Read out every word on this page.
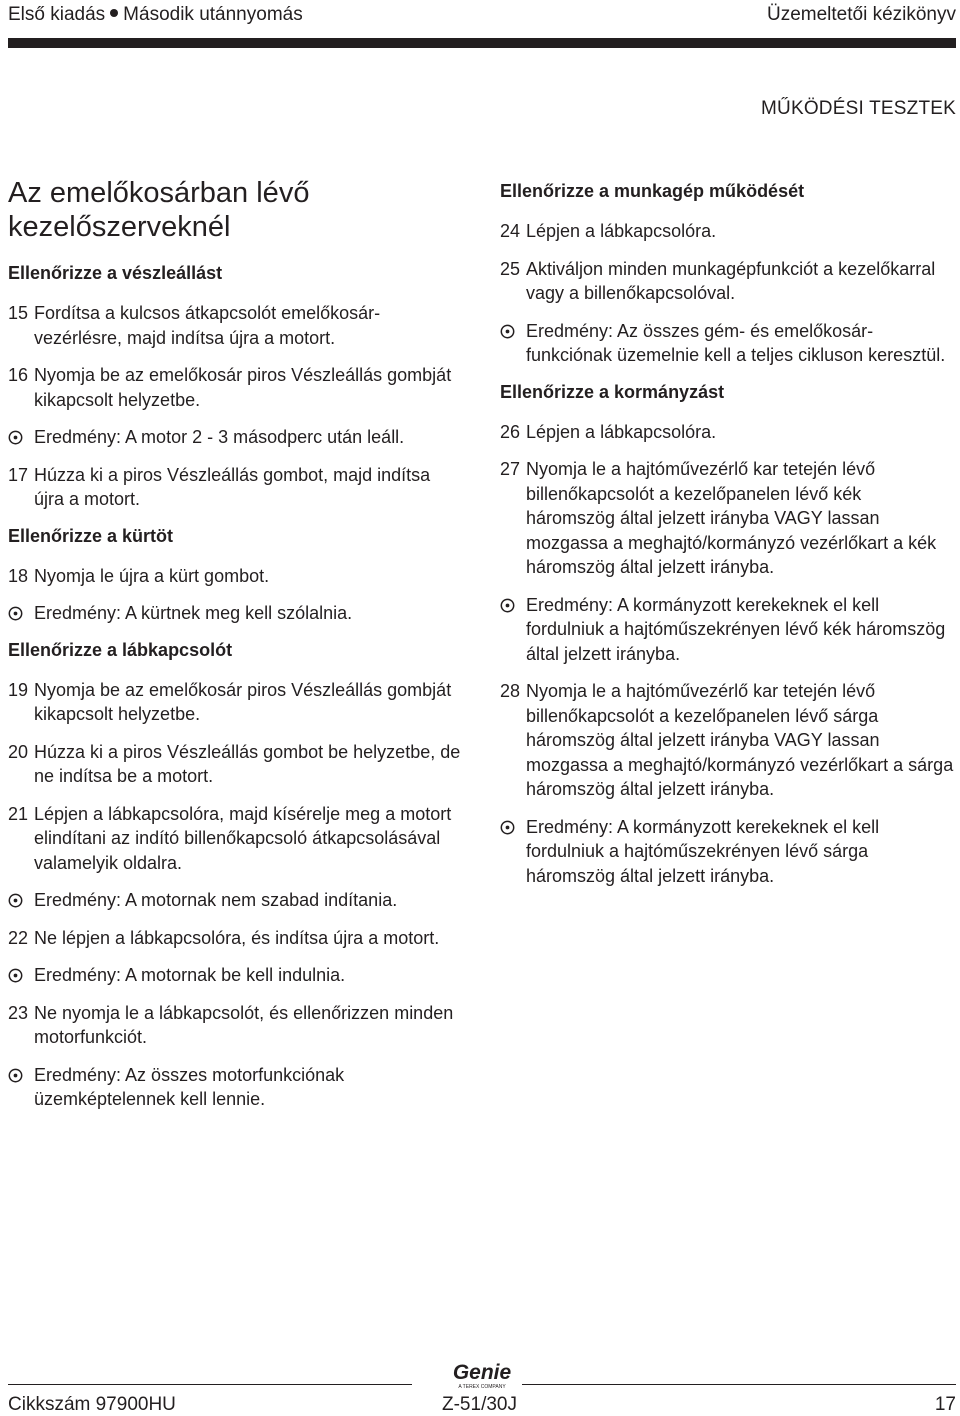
Első kiadás Második utánnyomás	Üzemeltetői kézikönyv
MŰKÖDÉSI TESZTEK
Az emelőkosárban lévő
kezelőszerveknél
Ellenőrizze a vészleállást
15 Fordítsa a kulcsos átkapcsolót emelőkosár-vezérlésre, majd indítsa újra a motort.
16 Nyomja be az emelőkosár piros Vészleállás gombját kikapcsolt helyzetbe.
Eredmény: A motor 2 - 3 másodperc után leáll.
17 Húzza ki a piros Vészleállás gombot, majd indítsa újra a motort.
Ellenőrizze a kürtöt
18 Nyomja le újra a kürt gombot.
Eredmény: A kürtnek meg kell szólalnia.
Ellenőrizze a lábkapcsolót
19 Nyomja be az emelőkosár piros Vészleállás gombját kikapcsolt helyzetbe.
20 Húzza ki a piros Vészleállás gombot be helyzetbe, de ne indítsa be a motort.
21 Lépjen a lábkapcsolóra, majd kísérelje meg a motort elindítani az indító billenőkapcsoló átkapcsolásával valamelyik oldalra.
Eredmény: A motornak nem szabad indítania.
22 Ne lépjen a lábkapcsolóra, és indítsa újra a motort.
Eredmény: A motornak be kell indulnia.
23 Ne nyomja le a lábkapcsolót, és ellenőrizzen minden motorfunkciót.
Eredmény: Az összes motorfunkciónak üzemképtelennek kell lennie.
Ellenőrizze a munkagép működését
24 Lépjen a lábkapcsolóra.
25 Aktiváljon minden munkagépfunkciót a kezelőkarral vagy a billenőkapcsolóval.
Eredmény: Az összes gém- és emelőkosár-funkciónak üzemelnie kell a teljes cikluson keresztül.
Ellenőrizze a kormányzást
26 Lépjen a lábkapcsolóra.
27 Nyomja le a hajtóművezérlő kar tetején lévő billenőkapcsolót a kezelőpanelen lévő kék háromszög által jelzett irányba VAGY lassan mozgassa a meghajtó/kormányzó vezérlőkart a kék háromszög által jelzett irányba.
Eredmény: A kormányzott kerekeknek el kell fordulniuk a hajtóműszekrényen lévő kék háromszög által jelzett irányba.
28 Nyomja le a hajtóművezérlő kar tetején lévő billenőkapcsolót a kezelőpanelen lévő sárga háromszög által jelzett irányba VAGY lassan mozgassa a meghajtó/kormányzó vezérlőkart a sárga háromszög által jelzett irányba.
Eredmény: A kormányzott kerekeknek el kell fordulniuk a hajtóműszekrényen lévő sárga háromszög által jelzett irányba.
Genie
A TEREX COMPANY
Cikkszám 97900HU	Z-51/30J	17
